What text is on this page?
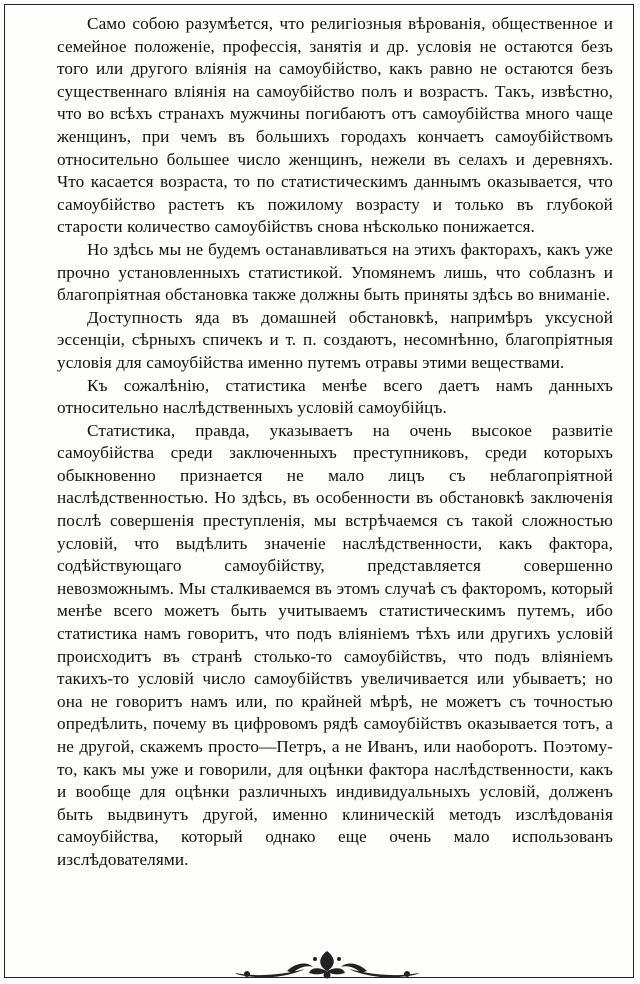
Само собою разумѣется, что религіозныя вѣрованія, общественное и семейное положеніе, профессія, занятія и др. условія не остаются безъ того или другого вліянія на самоубійство, какъ равно не остаются безъ существеннаго вліянія на самоубійство полъ и возрастъ. Такъ, извѣстно, что во всѣхъ странахъ мужчины погибаютъ отъ самоубійства много чаще женщинъ, при чемъ въ большихъ городахъ кончаетъ самоубійствомъ относительно большее число женщинъ, нежели въ селахъ и деревняхъ. Что касается возраста, то по статистическимъ даннымъ оказывается, что самоубійство растетъ къ пожилому возрасту и только въ глубокой старости количество самоубійствъ снова нѣсколько понижается.

Но здѣсь мы не будемъ останавливаться на этихъ факторахъ, какъ уже прочно установленныхъ статистикой. Упомянемъ лишь, что соблазнъ и благопріятная обстановка также должны быть приняты здѣсь во вниманіе.

Доступность яда въ домашней обстановкѣ, напримѣръ уксусной эссенціи, сѣрныхъ спичекъ и т. п. создаютъ, несомнѣнно, благопріятныя условія для самоубійства именно путемъ отравы этими веществами.

Къ сожалѣнію, статистика менѣе всего даетъ намъ данныхъ относительно наслѣдственныхъ условій самоубійцъ.

Статистика, правда, указываетъ на очень высокое развитіе самоубійства среди заключенныхъ преступниковъ, среди которыхъ обыкновенно признается не мало лицъ съ неблагопріятной наслѣдственностью. Но здѣсь, въ особенности въ обстановкѣ заключенія послѣ совершенія преступленія, мы встрѣчаемся съ такой сложностью условій, что выдѣлить значеніе наслѣдственности, какъ фактора, содѣйствующаго самоубійству, представляется совершенно невозможнымъ. Мы сталкиваемся въ этомъ случаѣ съ факторомъ, который менѣе всего можетъ быть учитываемъ статистическимъ путемъ, ибо статистика намъ говоритъ, что подъ вліяніемъ тѣхъ или другихъ условій происходитъ въ странѣ столько-то самоубійствъ, что подъ вліяніемъ такихъ-то условій число самоубійствъ увеличивается или убываетъ; но она не говоритъ намъ или, по крайней мѣрѣ, не можетъ съ точностью опредѣлить, почему въ цифровомъ рядѣ самоубійствъ оказывается тотъ, а не другой, скажемъ просто—Петръ, а не Иванъ, или наоборотъ. Поэтому-то, какъ мы уже и говорили, для оцѣнки фактора наслѣдственности, какъ и вообще для оцѣнки различныхъ индивидуальныхъ условій, долженъ быть выдвинутъ другой, именно клиническій методъ изслѣдованія самоубійства, который однако еще очень мало использованъ изслѣдователями.
